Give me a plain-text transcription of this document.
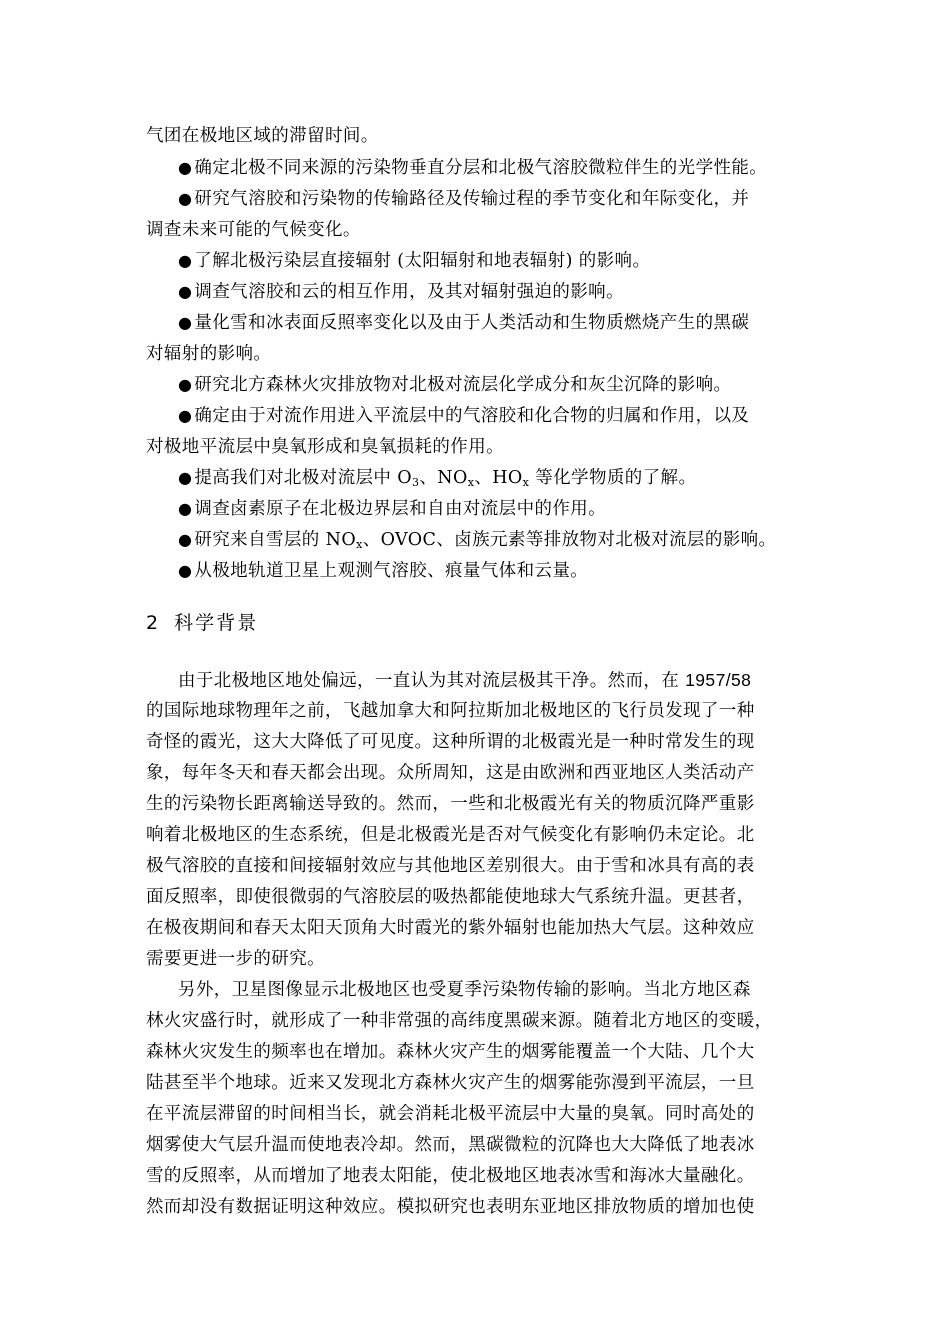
气团在极地区域的滞留时间。
● 确定北极不同来源的污染物垂直分层和北极气溶胶微粒伴生的光学性能。
● 研究气溶胶和污染物的传输路径及传输过程的季节变化和年际变化，并
调查未来可能的气候变化。
● 了解北极污染层直接辐射 (太阳辐射和地表辐射) 的影响。
● 调查气溶胶和云的相互作用，及其对辐射强迫的影响。
● 量化雪和冰表面反照率变化以及由于人类活动和生物质燃烧产生的黑碳
对辐射的影响。
● 研究北方森林火灾排放物对北极对流层化学成分和灰尘沉降的影响。
● 确定由于对流作用进入平流层中的气溶胶和化合物的归属和作用，以及
对极地平流层中臭氧形成和臭氧损耗的作用。
● 提高我们对北极对流层中 $O_3$、$NO_x$、$HO_x$ 等化学物质的了解。
● 调查卤素原子在北极边界层和自由对流层中的作用。
● 研究来自雪层的 $NO_x$、OVOC、卤族元素等排放物对北极对流层的影响。
● 从极地轨道卫星上观测气溶胶、痕量气体和云量。
2 科学背景
由于北极地区地处偏远，一直认为其对流层极其干净。然而，在 1957/58
的国际地球物理年之前，飞越加拿大和阿拉斯加北极地区的飞行员发现了一种
奇怪的霞光，这大大降低了可见度。这种所谓的北极霞光是一种时常发生的现
象，每年冬天和春天都会出现。众所周知，这是由欧洲和西亚地区人类活动产
生的污染物长距离输送导致的。然而，一些和北极霞光有关的物质沉降严重影
响着北极地区的生态系统，但是北极霞光是否对气候变化有影响仍未定论。北
极气溶胶的直接和间接辐射效应与其他地区差别很大。由于雪和冰具有高的表
面反照率，即使很微弱的气溶胶层的吸热都能使地球大气系统升温。更甚者，
在极夜期间和春天太阳天顶角大时霞光的紫外辐射也能加热大气层。这种效应
需要更进一步的研究。
另外，卫星图像显示北极地区也受夏季污染物传输的影响。当北方地区森
林火灾盛行时，就形成了一种非常强的高纬度黑碳来源。随着北方地区的变暖，
森林火灾发生的频率也在增加。森林火灾产生的烟雾能覆盖一个大陆、几个大
陆甚至半个地球。近来又发现北方森林火灾产生的烟雾能弥漫到平流层，一旦
在平流层滞留的时间相当长，就会消耗北极平流层中大量的臭氧。同时高处的
烟雾使大气层升温而使地表冷却。然而，黑碳微粒的沉降也大大降低了地表冰
雪的反照率，从而增加了地表太阳能，使北极地区地表冰雪和海冰大量融化。
然而却没有数据证明这种效应。模拟研究也表明东亚地区排放物质的增加也使
